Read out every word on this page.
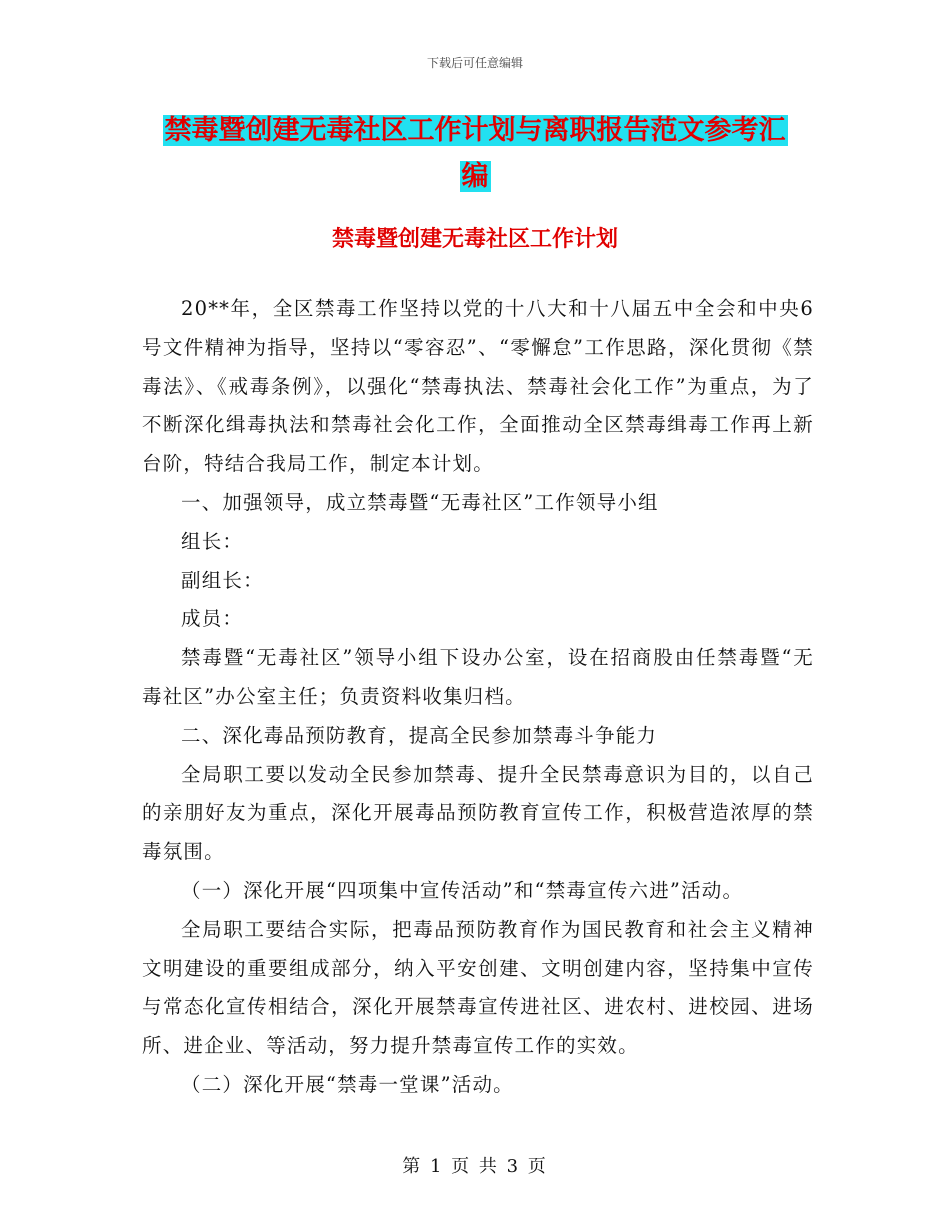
下载后可任意编辑
禁毒暨创建无毒社区工作计划与离职报告范文参考汇
编
禁毒暨创建无毒社区工作计划

20**年，全区禁毒工作坚持以党的十八大和十八届五中全会和中央6号文件精神为指导，坚持以“零容忍”、“零懈怠”工作思路，深化贯彻《禁毒法》、《戒毒条例》，以强化“禁毒执法、禁毒社会化工作”为重点，为了不断深化缉毒执法和禁毒社会化工作，全面推动全区禁毒缉毒工作再上新台阶，特结合我局工作，制定本计划。

一、加强领导，成立禁毒暨“无毒社区”工作领导小组

组长：

副组长：

成员：

禁毒暨“无毒社区”领导小组下设办公室，设在招商股由任禁毒暨“无毒社区”办公室主任；负责资料收集归档。

二、深化毒品预防教育，提高全民参加禁毒斗争能力

全局职工要以发动全民参加禁毒、提升全民禁毒意识为目的，以自己的亲朋好友为重点，深化开展毒品预防教育宣传工作，积极营造浓厚的禁毒氛围。

（一）深化开展“四项集中宣传活动”和“禁毒宣传六进”活动。

全局职工要结合实际，把毒品预防教育作为国民教育和社会主义精神文明建设的重要组成部分，纳入平安创建、文明创建内容，坚持集中宣传与常态化宣传相结合，深化开展禁毒宣传进社区、进农村、进校园、进场所、进企业、等活动，努力提升禁毒宣传工作的实效。

（二）深化开展“禁毒一堂课”活动。

第 1 页 共 3 页
